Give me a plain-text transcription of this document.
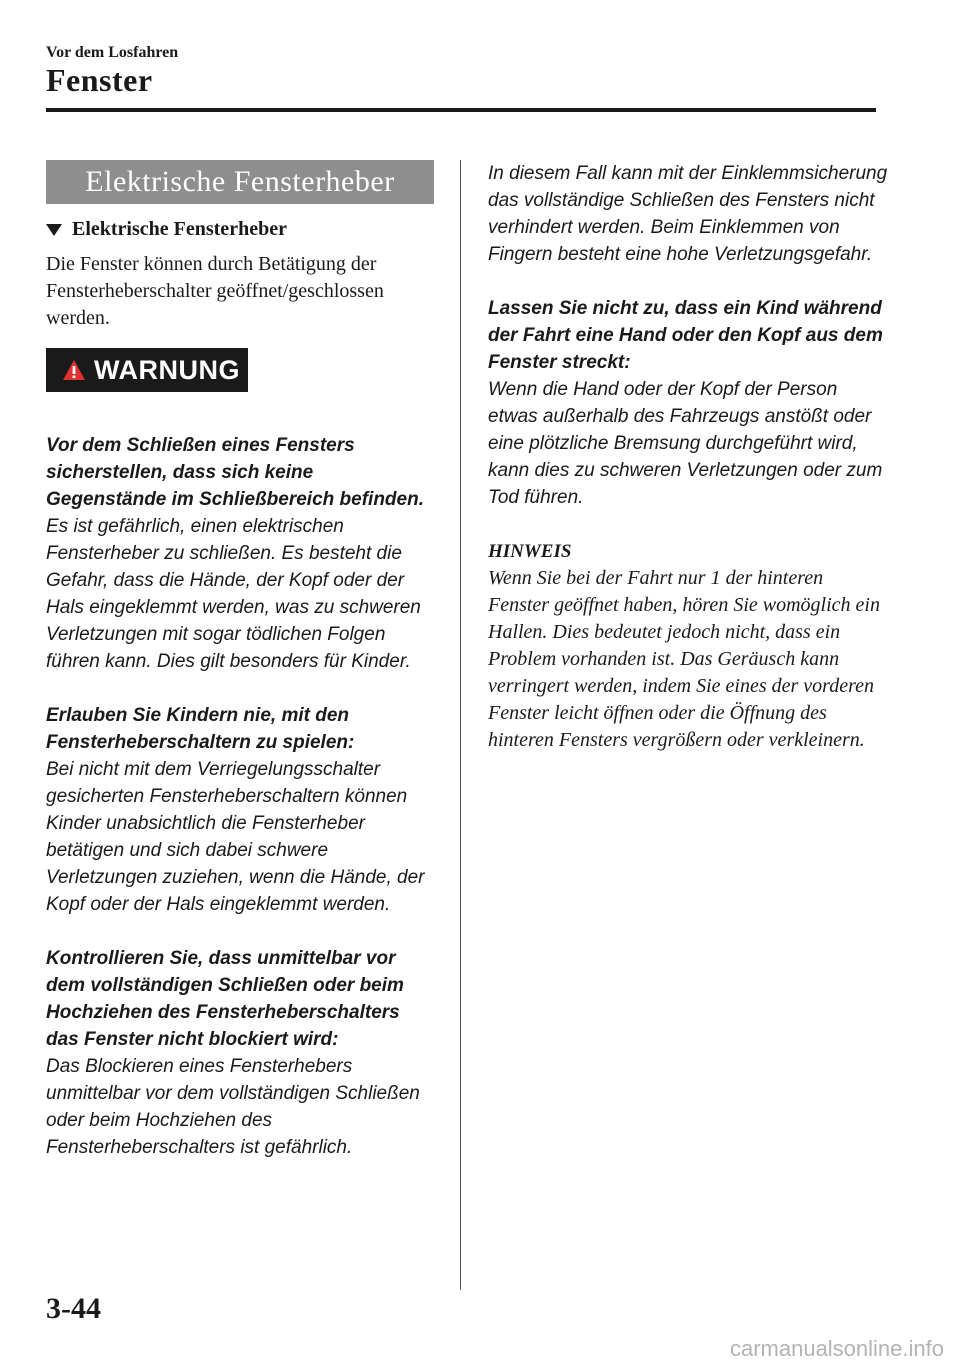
Vor dem Losfahren
Fenster
Elektrische Fensterheber
Elektrische Fensterheber
Die Fenster können durch Betätigung der Fensterheberschalter geöffnet/geschlossen werden.
WARNUNG

Vor dem Schließen eines Fensters sicherstellen, dass sich keine Gegenstände im Schließbereich befinden.

Es ist gefährlich, einen elektrischen Fensterheber zu schließen. Es besteht die Gefahr, dass die Hände, der Kopf oder der Hals eingeklemmt werden, was zu schweren Verletzungen mit sogar tödlichen Folgen führen kann. Dies gilt besonders für Kinder.

Erlauben Sie Kindern nie, mit den Fensterheberschaltern zu spielen:

Bei nicht mit dem Verriegelungsschalter gesicherten Fensterheberschaltern können Kinder unabsichtlich die Fensterheber betätigen und sich dabei schwere Verletzungen zuziehen, wenn die Hände, der Kopf oder der Hals eingeklemmt werden.

Kontrollieren Sie, dass unmittelbar vor dem vollständigen Schließen oder beim Hochziehen des Fensterheberschalters das Fenster nicht blockiert wird:

Das Blockieren eines Fensterhebers unmittelbar vor dem vollständigen Schließen oder beim Hochziehen des Fensterheberschalters ist gefährlich.

In diesem Fall kann mit der Einklemmsicherung das vollständige Schließen des Fensters nicht verhindert werden. Beim Einklemmen von Fingern besteht eine hohe Verletzungsgefahr.

Lassen Sie nicht zu, dass ein Kind während der Fahrt eine Hand oder den Kopf aus dem Fenster streckt:

Wenn die Hand oder der Kopf der Person etwas außerhalb des Fahrzeugs anstößt oder eine plötzliche Bremsung durchgeführt wird, kann dies zu schweren Verletzungen oder zum Tod führen.

HINWEIS
Wenn Sie bei der Fahrt nur 1 der hinteren Fenster geöffnet haben, hören Sie womöglich ein Hallen. Dies bedeutet jedoch nicht, dass ein Problem vorhanden ist. Das Geräusch kann verringert werden, indem Sie eines der vorderen Fenster leicht öffnen oder die Öffnung des hinteren Fensters vergrößern oder verkleinern.
3-44
carmanualsonline.info
